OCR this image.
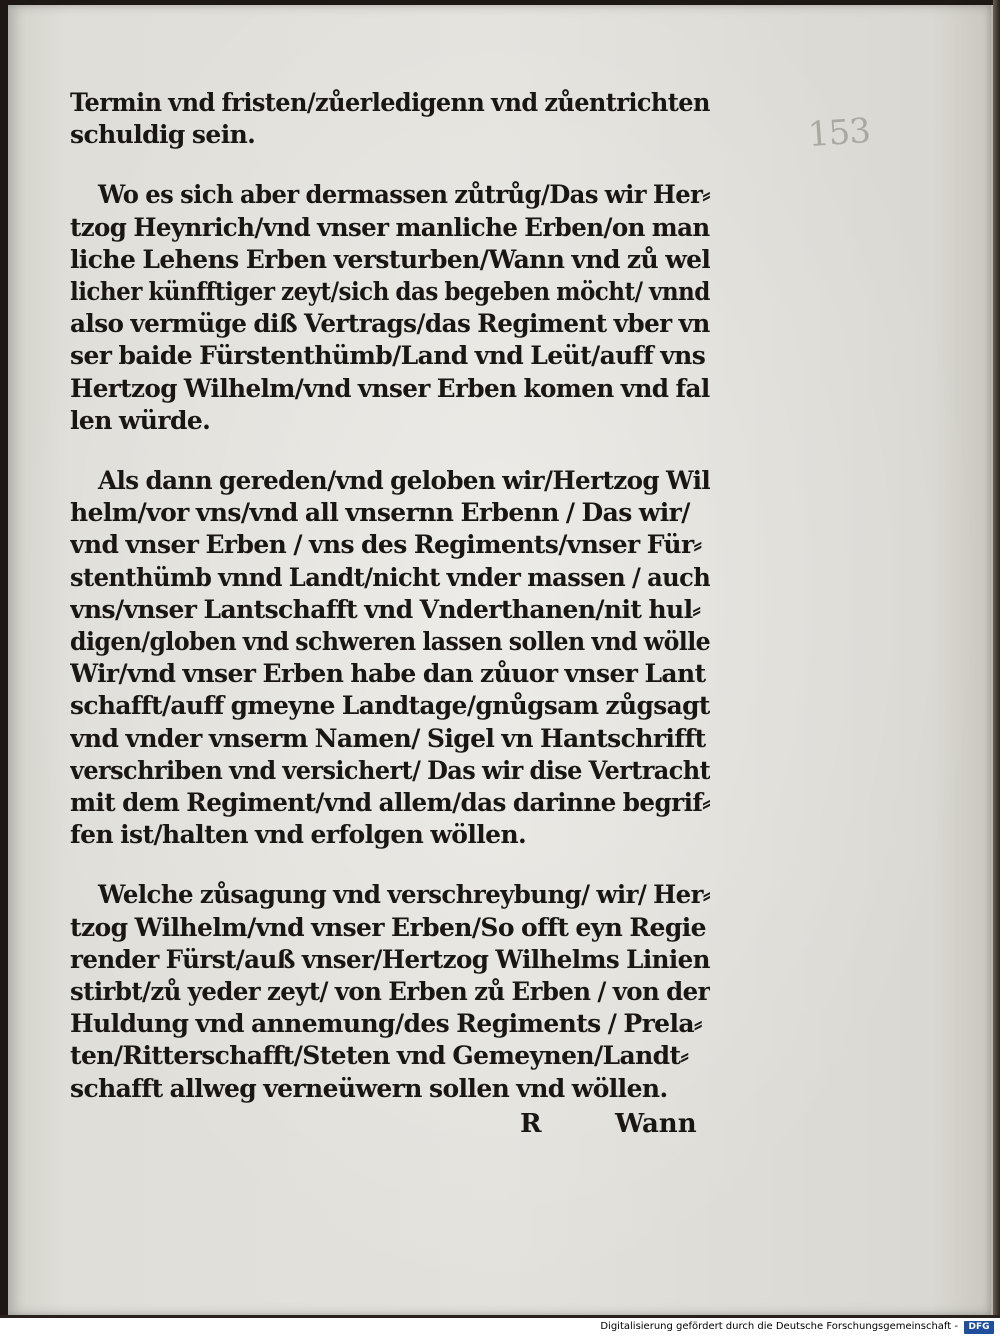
153
Termin vnd fristen/zůerledigenn vnd zůentrichten
schuldig sein.
Wo es sich aber dermassen zůtrůg/Das wir Her⸗
tzog Heynrich/vnd vnser manliche Erben/on man
liche Lehens Erben versturben/Wann vnd zů wel
licher künfftiger zeyt/sich das begeben möcht/ vnnd
also vermüge diß Vertrags/das Regiment vber vn
ser baide Fürstenthümb/Land vnd Leüt/auff vns
Hertzog Wilhelm/vnd vnser Erben komen vnd fal
len würde.
Als dann gereden/vnd geloben wir/Hertzog Wil
helm/vor vns/vnd all vnsernn Erbenn / Das wir/
vnd vnser Erben / vns des Regiments/vnser Für⸗
stenthümb vnnd Landt/nicht vnder massen / auch
vns/vnser Lantschafft vnd Vnderthanen/nit hul⸗
digen/globen vnd schweren lassen sollen vnd wölle
Wir/vnd vnser Erben habe dan zůuor vnser Lant
schafft/auff gmeyne Landtage/gnůgsam zůgsagt
vnd vnder vnserm Namen/ Sigel vn Hantschrifft
verschriben vnd versichert/ Das wir dise Vertracht
mit dem Regiment/vnd allem/das darinne begrif⸗
fen ist/halten vnd erfolgen wöllen.
Welche zůsagung vnd verschreybung/ wir/ Her⸗
tzog Wilhelm/vnd vnser Erben/So offt eyn Regie
render Fürst/auß vnser/Hertzog Wilhelms Linien
stirbt/zů yeder zeyt/ von Erben zů Erben / von der
Huldung vnd annemung/des Regiments / Prela⸗
ten/Ritterschafft/Steten vnd Gemeynen/Landt⸗
schafft allweg verneüwern sollen vnd wöllen.
R	Wann
Digitalisierung gefördert durch die Deutsche Forschungsgemeinschaft -	DFG
